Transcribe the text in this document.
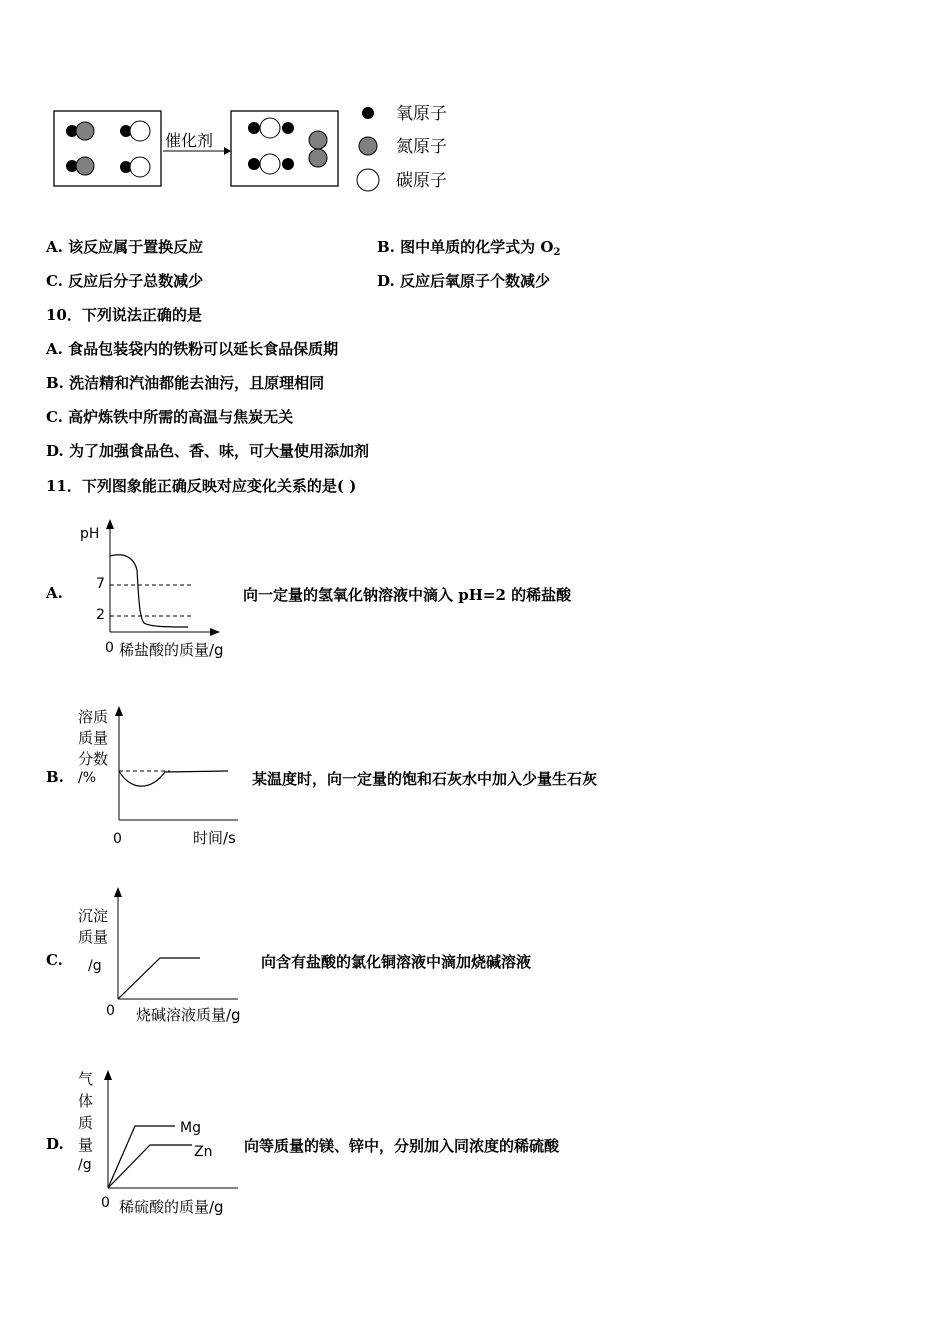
催化剂
氧原子
氮原子
碳原子
A. 该反应属于置换反应	B. 图中单质的化学式为 $O_2$
C. 反应后分子总数减少	D. 反应后氧原子个数减少
10．下列说法正确的是
A. 食品包装袋内的铁粉可以延长食品保质期
B. 洗洁精和汽油都能去油污，且原理相同
C. 高炉炼铁中所需的高温与焦炭无关
D. 为了加强食品色、香、味，可大量使用添加剂
11．下列图象能正确反映对应变化关系的是( )
A.
pH
7
2
0 稀盐酸的质量/g
向一定量的氢氧化钠溶液中滴入 pH=2 的稀盐酸
B.
溶质
质量
分数
/%
0	时间/s
某温度时，向一定量的饱和石灰水中加入少量生石灰
C.
沉淀
质量
/g
0 烧碱溶液质量/g
向含有盐酸的氯化铜溶液中滴加烧碱溶液
D.
气
体
质
量
/g
Mg
Zn
0 稀硫酸的质量/g
向等质量的镁、锌中，分别加入同浓度的稀硫酸
